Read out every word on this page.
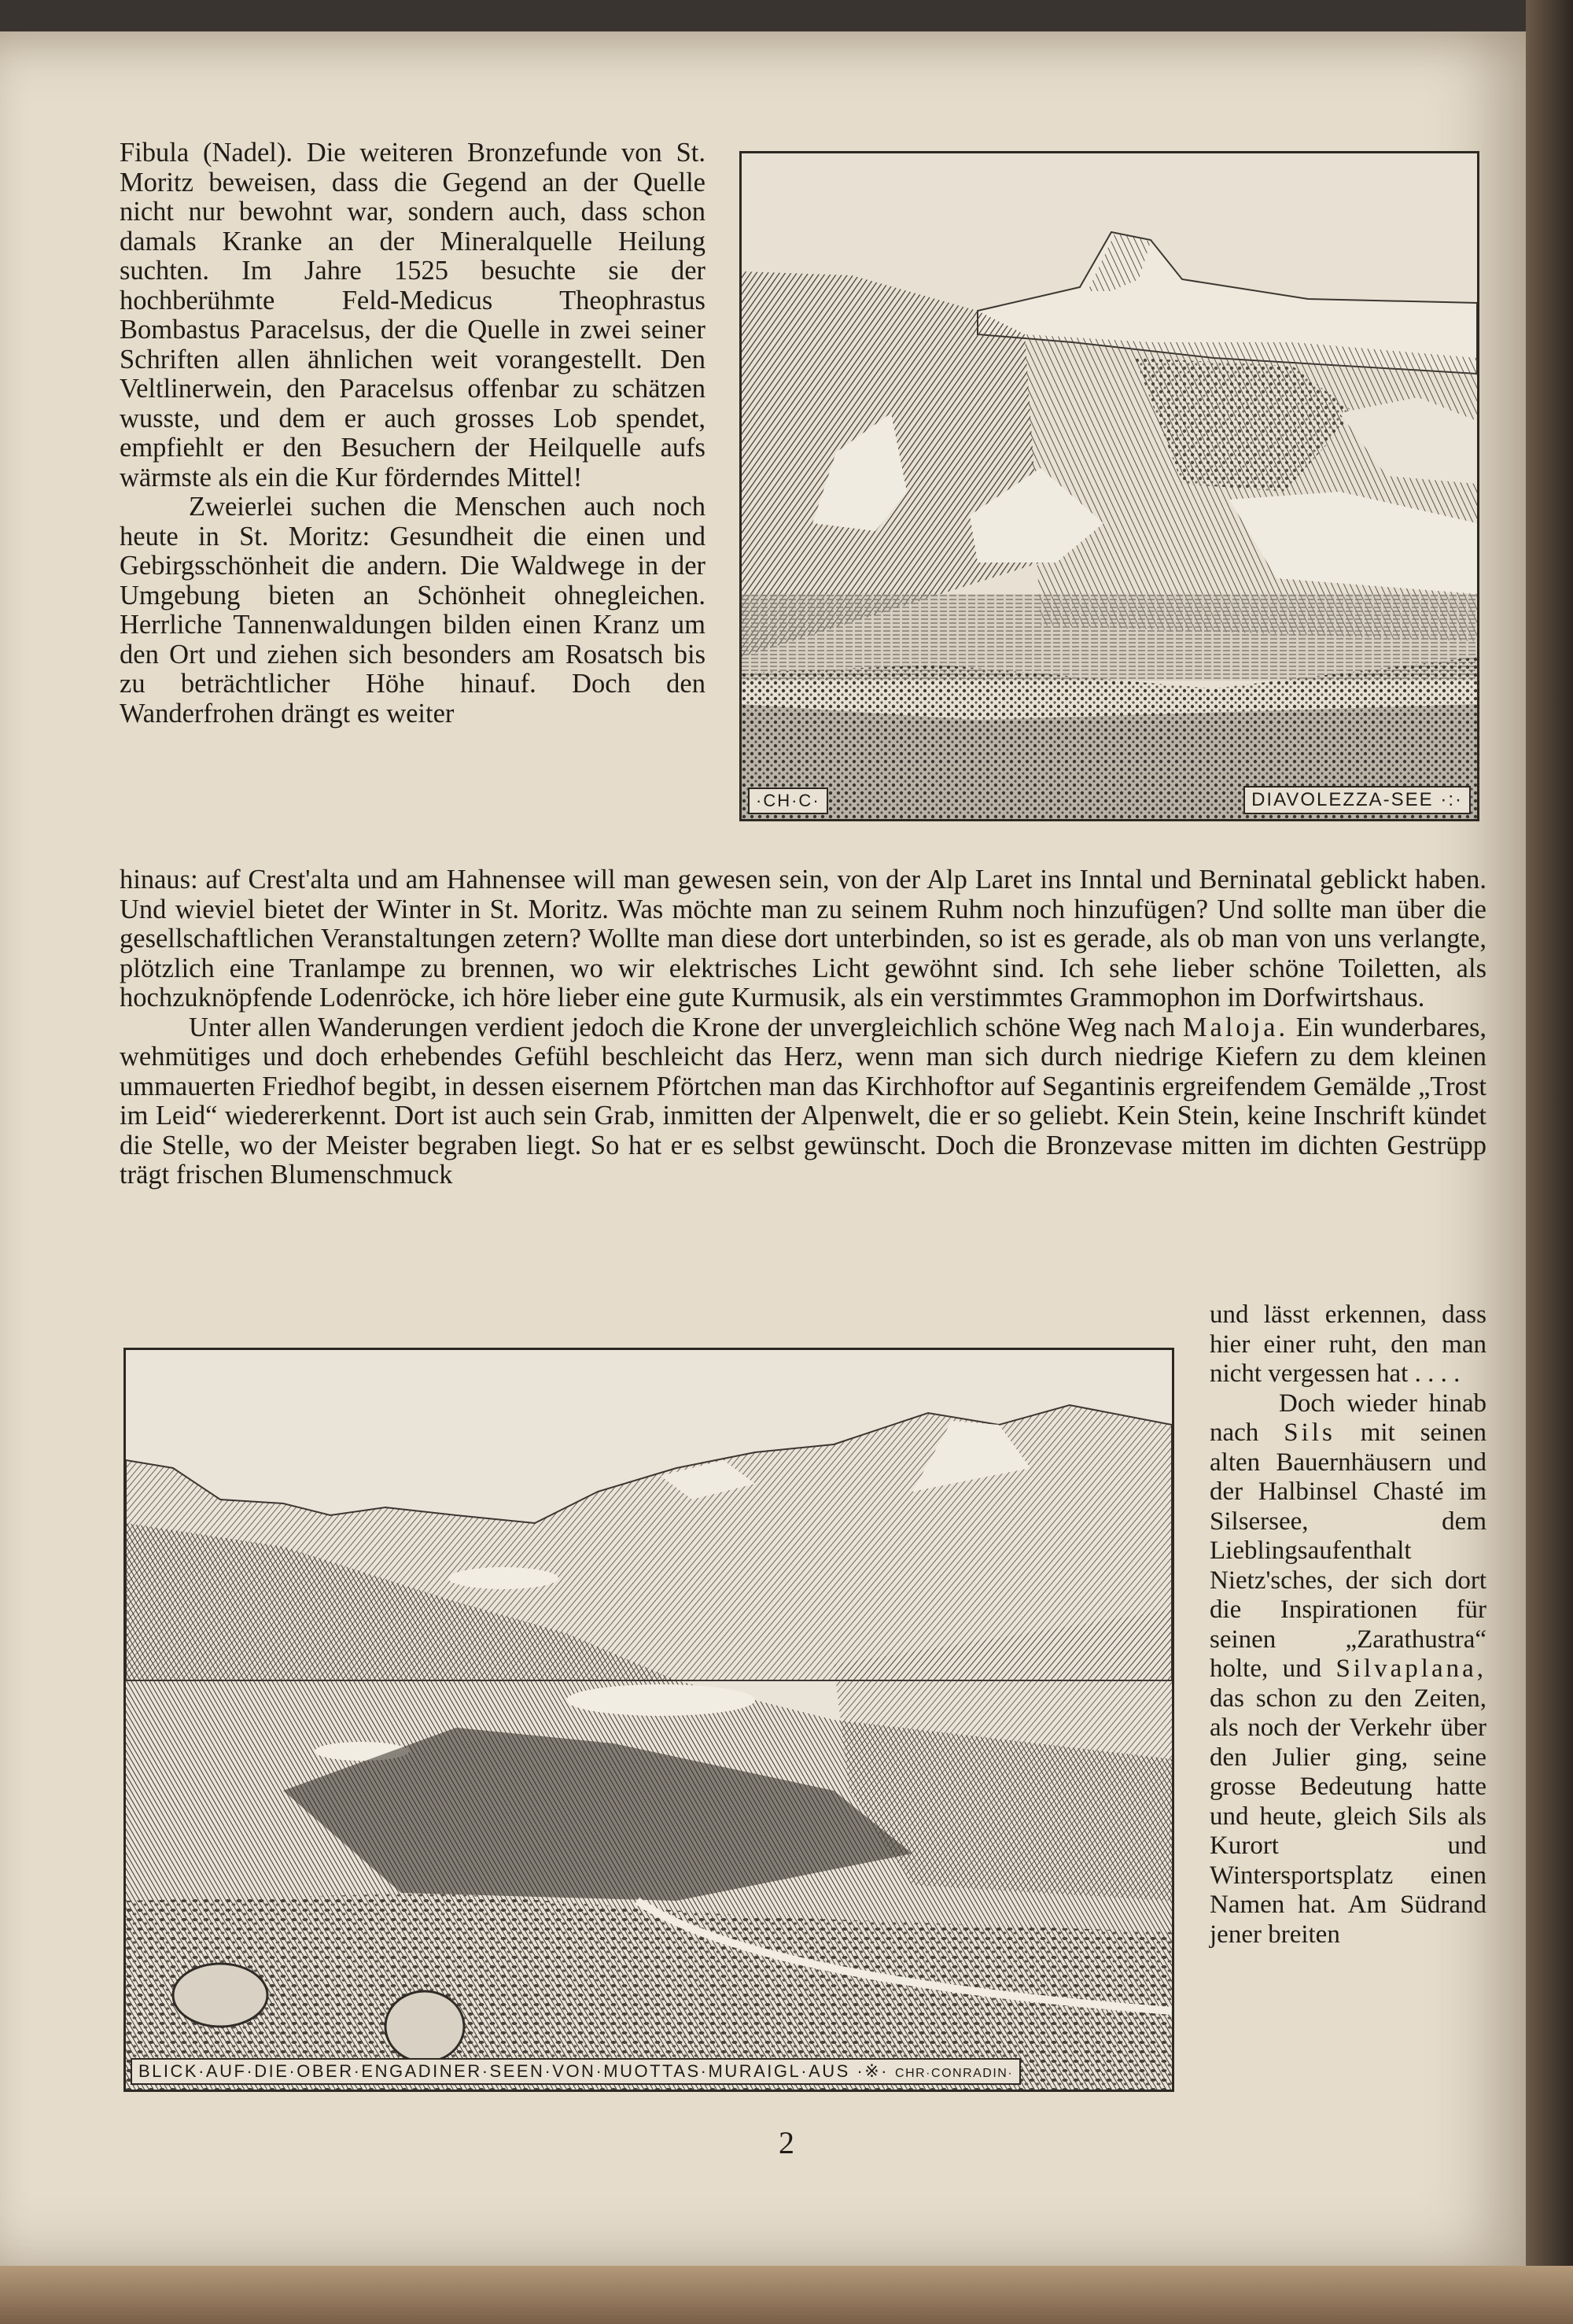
Fibula (Nadel). Die weiteren Bronzefunde von St. Moritz beweisen, dass die Gegend an der Quelle nicht nur bewohnt war, sondern auch, dass schon damals Kranke an der Mineralquelle Heilung suchten. Im Jahre 1525 besuchte sie der hochberühmte Feld-Medicus Theophrastus Bombastus Paracelsus, der die Quelle in zwei seiner Schriften allen ähnlichen weit vorangestellt. Den Veltlinerwein, den Paracelsus offenbar zu schätzen wusste, und dem er auch grosses Lob spendet, empfiehlt er den Besuchern der Heilquelle aufs wärmste als ein die Kur förderndes Mittel!

Zweierlei suchen die Menschen auch noch heute in St. Moritz: Gesundheit die einen und Gebirgsschönheit die andern. Die Waldwege in der Umgebung bieten an Schönheit ohnegleichen. Herrliche Tannenwaldungen bilden einen Kranz um den Ort und ziehen sich besonders am Rosatsch bis zu beträchtlicher Höhe hinauf. Doch den Wanderfrohen drängt es weiter

·CH·C·	DIAVOLEZZA-SEE ·:·

hinaus: auf Crest'alta und am Hahnensee will man gewesen sein, von der Alp Laret ins Inntal und Berninatal geblickt haben. Und wieviel bietet der Winter in St. Moritz. Was möchte man zu seinem Ruhm noch hinzufügen? Und sollte man über die gesellschaftlichen Veranstaltungen zetern? Wollte man diese dort unterbinden, so ist es gerade, als ob man von uns verlangte, plötzlich eine Tranlampe zu brennen, wo wir elektrisches Licht gewöhnt sind. Ich sehe lieber schöne Toiletten, als hochzuknöpfende Lodenröcke, ich höre lieber eine gute Kurmusik, als ein verstimmtes Grammophon im Dorfwirtshaus.

Unter allen Wanderungen verdient jedoch die Krone der unvergleichlich schöne Weg nach Maloja. Ein wunderbares, wehmütiges und doch erhebendes Gefühl beschleicht das Herz, wenn man sich durch niedrige Kiefern zu dem kleinen ummauerten Friedhof begibt, in dessen eisernem Pförtchen man das Kirchhoftor auf Segantinis ergreifendem Gemälde „Trost im Leid“ wiedererkennt. Dort ist auch sein Grab, inmitten der Alpenwelt, die er so geliebt. Kein Stein, keine Inschrift kündet die Stelle, wo der Meister begraben liegt. So hat er es selbst gewünscht. Doch die Bronzevase mitten im dichten Gestrüpp trägt frischen Blumenschmuck

und lässt erkennen, dass hier einer ruht, den man nicht vergessen hat . . . .

Doch wieder hinab nach Sils mit seinen alten Bauernhäusern und der Halbinsel Chasté im Silsersee, dem Lieblingsaufenthalt Nietz'sches, der sich dort die Inspirationen für seinen „Zarathustra“ holte, und Silvaplana, das schon zu den Zeiten, als noch der Verkehr über den Julier ging, seine grosse Bedeutung hatte und heute, gleich Sils als Kurort und Wintersportsplatz einen Namen hat. Am Südrand jener breiten

BLICK·AUF·DIE·OBER·ENGADINER·SEEN·VON·MUOTTAS·MURAIGL·AUS ·※· CHR·CONRADIN·
2
